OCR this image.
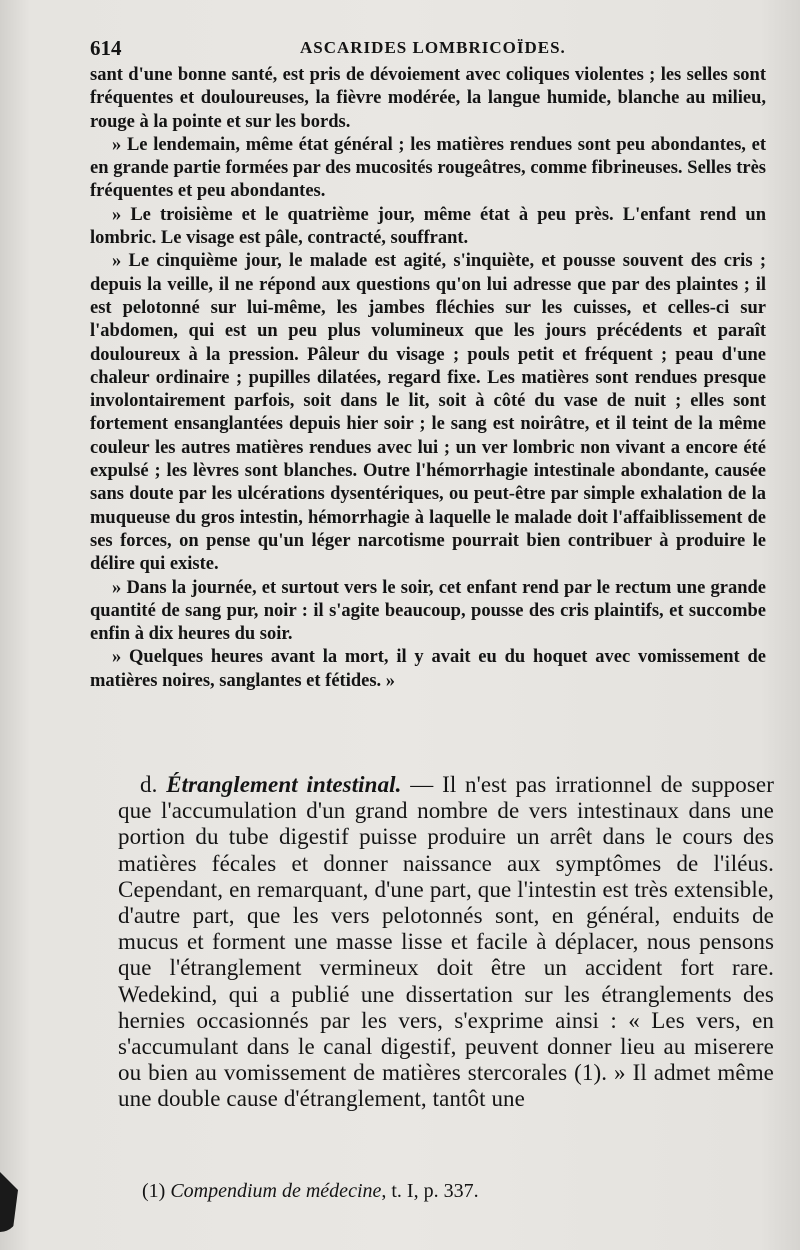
614	ASCARIDES LOMBRICOÏDES.

sant d'une bonne santé, est pris de dévoiement avec coliques violentes ; les selles sont fréquentes et douloureuses, la fièvre modérée, la langue humide, blanche au milieu, rouge à la pointe et sur les bords.

» Le lendemain, même état général ; les matières rendues sont peu abondantes, et en grande partie formées par des mucosités rougeâtres, comme fibrineuses. Selles très fréquentes et peu abondantes.

» Le troisième et le quatrième jour, même état à peu près. L'enfant rend un lombric. Le visage est pâle, contracté, souffrant.

» Le cinquième jour, le malade est agité, s'inquiète, et pousse souvent des cris ; depuis la veille, il ne répond aux questions qu'on lui adresse que par des plaintes ; il est pelotonné sur lui-même, les jambes fléchies sur les cuisses, et celles-ci sur l'abdomen, qui est un peu plus volumineux que les jours précédents et paraît douloureux à la pression. Pâleur du visage ; pouls petit et fréquent ; peau d'une chaleur ordinaire ; pupilles dilatées, regard fixe. Les matières sont rendues presque involontairement parfois, soit dans le lit, soit à côté du vase de nuit ; elles sont fortement ensanglantées depuis hier soir ; le sang est noirâtre, et il teint de la même couleur les autres matières rendues avec lui ; un ver lombric non vivant a encore été expulsé ; les lèvres sont blanches. Outre l'hémorrhagie intestinale abondante, causée sans doute par les ulcérations dysentériques, ou peut-être par simple exhalation de la muqueuse du gros intestin, hémorrhagie à laquelle le malade doit l'affaiblissement de ses forces, on pense qu'un léger narcotisme pourrait bien contribuer à produire le délire qui existe.

» Dans la journée, et surtout vers le soir, cet enfant rend par le rectum une grande quantité de sang pur, noir : il s'agite beaucoup, pousse des cris plaintifs, et succombe enfin à dix heures du soir.

» Quelques heures avant la mort, il y avait eu du hoquet avec vomissement de matières noires, sanglantes et fétides. »

d. Étranglement intestinal. — Il n'est pas irrationnel de supposer que l'accumulation d'un grand nombre de vers intestinaux dans une portion du tube digestif puisse produire un arrêt dans le cours des matières fécales et donner naissance aux symptômes de l'iléus. Cependant, en remarquant, d'une part, que l'intestin est très extensible, d'autre part, que les vers pelotonnés sont, en général, enduits de mucus et forment une masse lisse et facile à déplacer, nous pensons que l'étranglement vermineux doit être un accident fort rare. Wedekind, qui a publié une dissertation sur les étranglements des hernies occasionnés par les vers, s'exprime ainsi : « Les vers, en s'accumulant dans le canal digestif, peuvent donner lieu au miserere ou bien au vomissement de matières stercorales (1). » Il admet même une double cause d'étranglement, tantôt une

(1) Compendium de médecine, t. I, p. 337.
